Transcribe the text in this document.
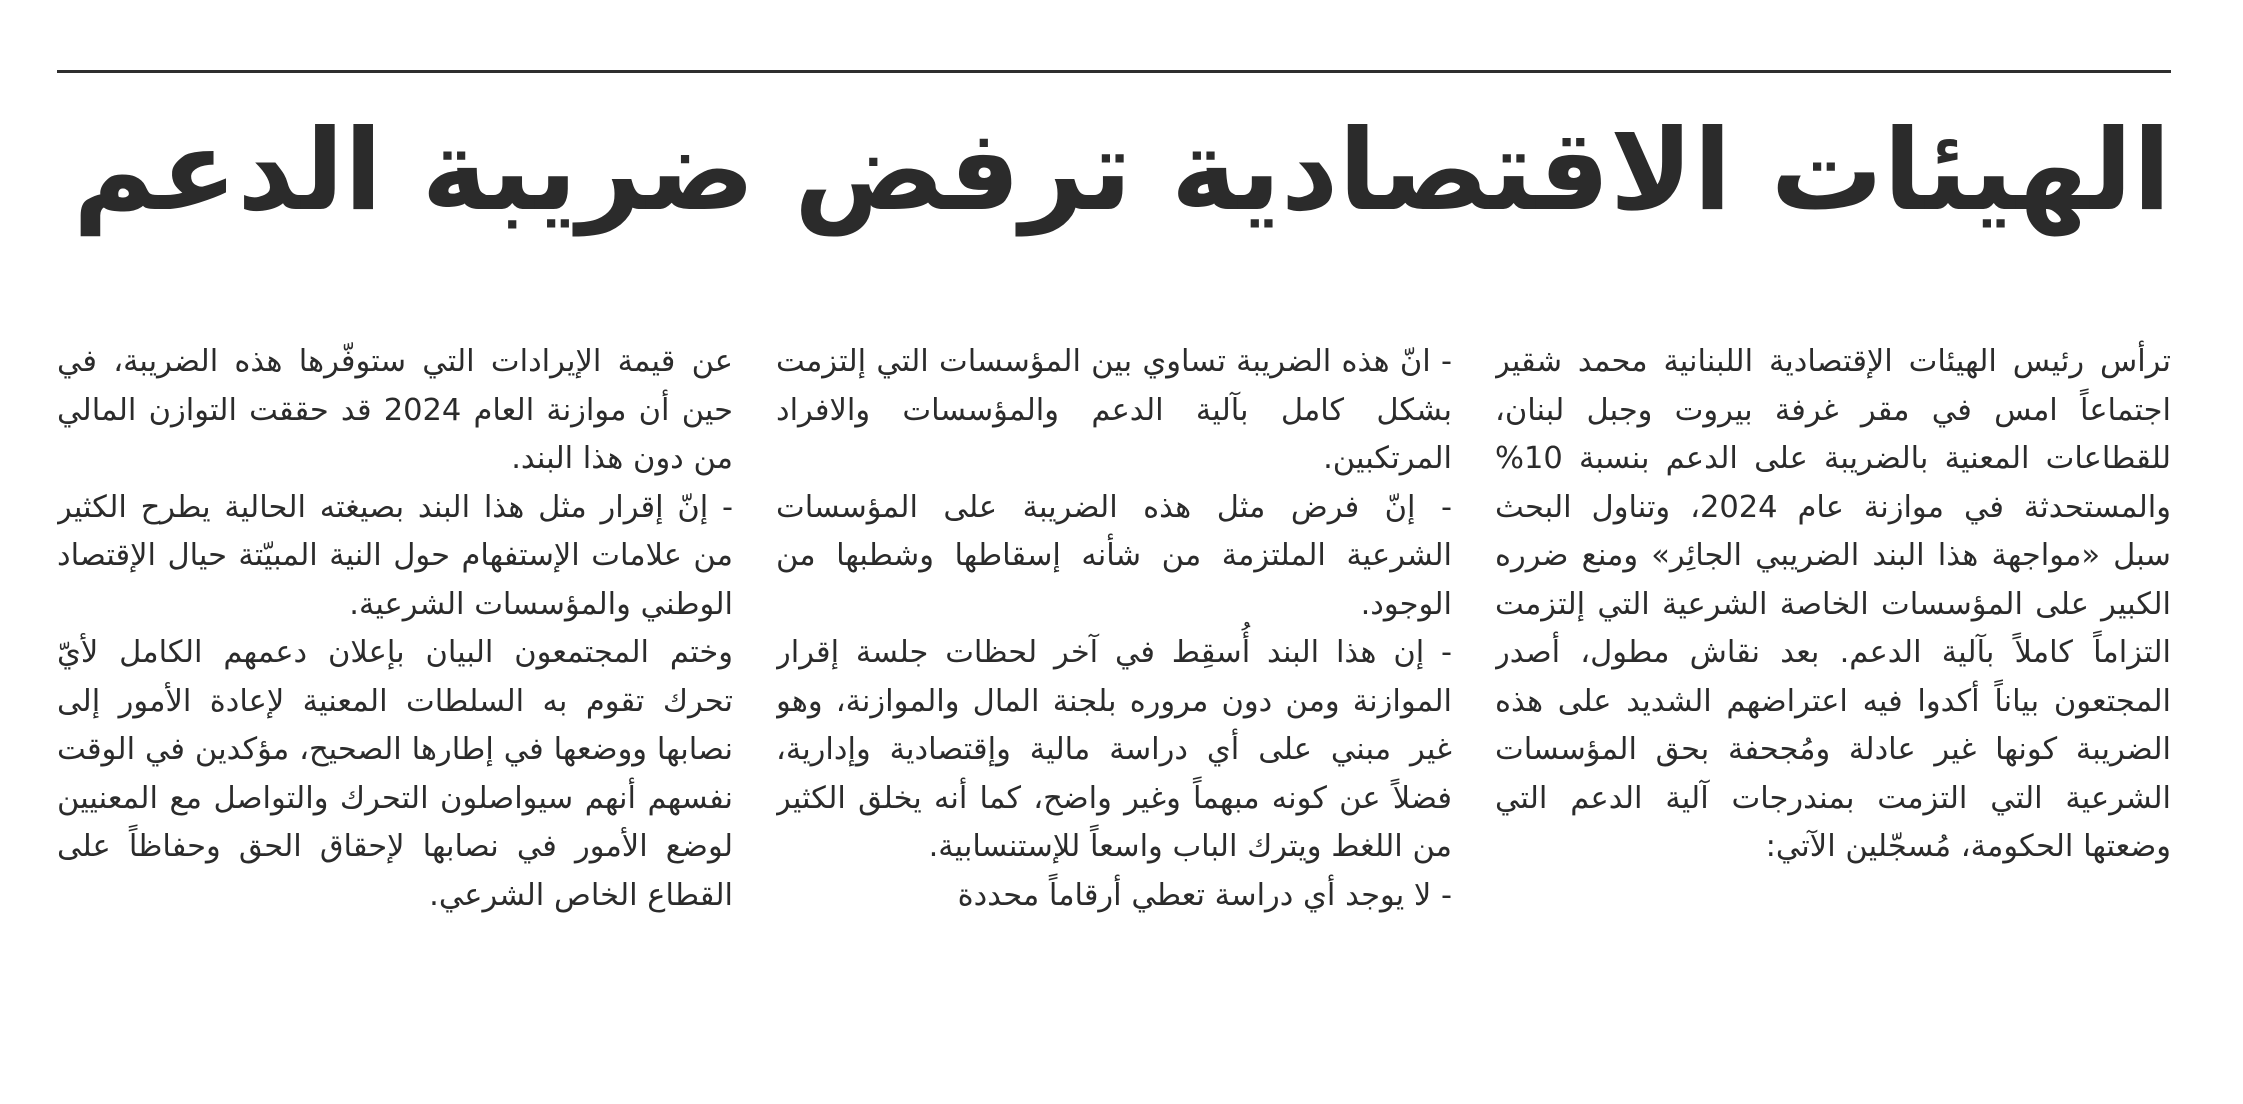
الهيئات الاقتصادية ترفض ضريبة الدعم

ترأس رئيس الهيئات الإقتصادية اللبنانية محمد شقير اجتماعاً امس في مقر غرفة بيروت وجبل لبنان، للقطاعات المعنية بالضريبة على الدعم بنسبة 10% والمستحدثة في موازنة عام 2024، وتناول البحث سبل «مواجهة هذا البند الضريبي الجائِر» ومنع ضرره الكبير على المؤسسات الخاصة الشرعية التي إلتزمت التزاماً كاملاً بآلية الدعم. بعد نقاش مطول، أصدر المجتعون بياناً أكدوا فيه اعتراضهم الشديد على هذه الضريبة كونها غير عادلة ومُجحفة بحق المؤسسات الشرعية التي التزمت بمندرجات آلية الدعم التي وضعتها الحكومة، مُسجّلين الآتي:

- انّ هذه الضريبة تساوي بين المؤسسات التي إلتزمت بشكل كامل بآلية الدعم والمؤسسات والافراد المرتكبين.

- إنّ فرض مثل هذه الضريبة على المؤسسات الشرعية الملتزمة من شأنه إسقاطها وشطبها من الوجود.

- إن هذا البند أُسقِط في آخر لحظات جلسة إقرار الموازنة ومن دون مروره بلجنة المال والموازنة، وهو غير مبني على أي دراسة مالية وإقتصادية وإدارية، فضلاً عن كونه مبهماً وغير واضح، كما أنه يخلق الكثير من اللغط ويترك الباب واسعاً للإستنسابية.

- لا يوجد أي دراسة تعطي أرقاماً محددة

عن قيمة الإيرادات التي ستوفّرها هذه الضريبة، في حين أن موازنة العام 2024 قد حققت التوازن المالي من دون هذا البند.

- إنّ إقرار مثل هذا البند بصيغته الحالية يطرح الكثير من علامات الإستفهام حول النية المبيّتة حيال الإقتصاد الوطني والمؤسسات الشرعية.

وختم المجتمعون البيان بإعلان دعمهم الكامل لأيّ تحرك تقوم به السلطات المعنية لإعادة الأمور إلى نصابها ووضعها في إطارها الصحيح، مؤكدين في الوقت نفسهم أنهم سيواصلون التحرك والتواصل مع المعنيين لوضع الأمور في نصابها لإحقاق الحق وحفاظاً على القطاع الخاص الشرعي.
